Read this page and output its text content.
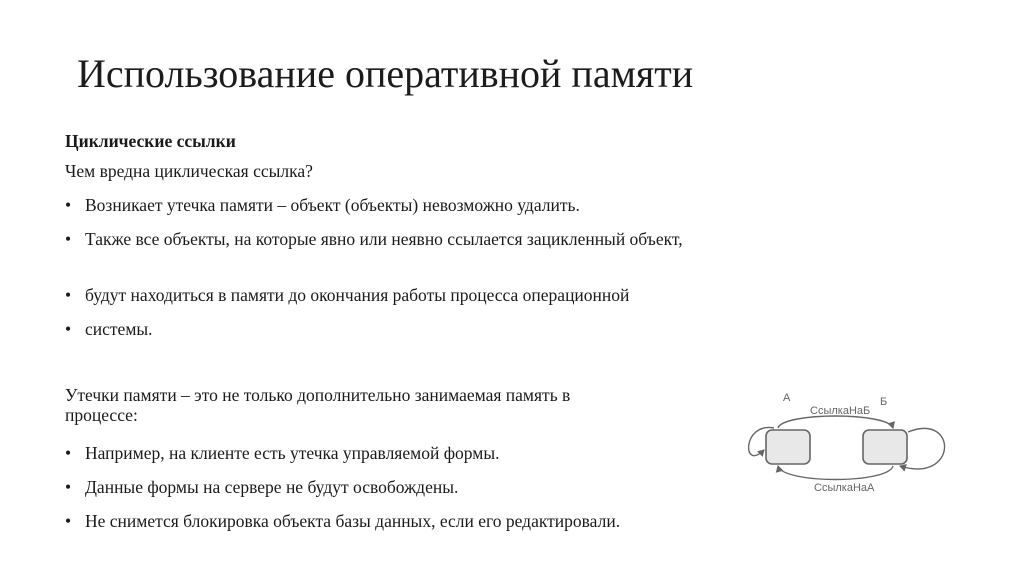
Использование оперативной памяти
Циклические ссылки
Чем вредна циклическая ссылка?
• Возникает утечка памяти – объект (объекты) невозможно удалить.
• Также все объекты, на которые явно или неявно ссылается зацикленный объект,
• будут находиться в памяти до окончания работы процесса операционной
• системы.
Утечки памяти – это не только дополнительно занимаемая память в
процессе:
• Например, на клиенте есть утечка управляемой формы.
• Данные формы на сервере не будут освобождены.
• Не снимется блокировка объекта базы данных, если его редактировали.
А	Б
СсылкаНаБ
СсылкаНаА
